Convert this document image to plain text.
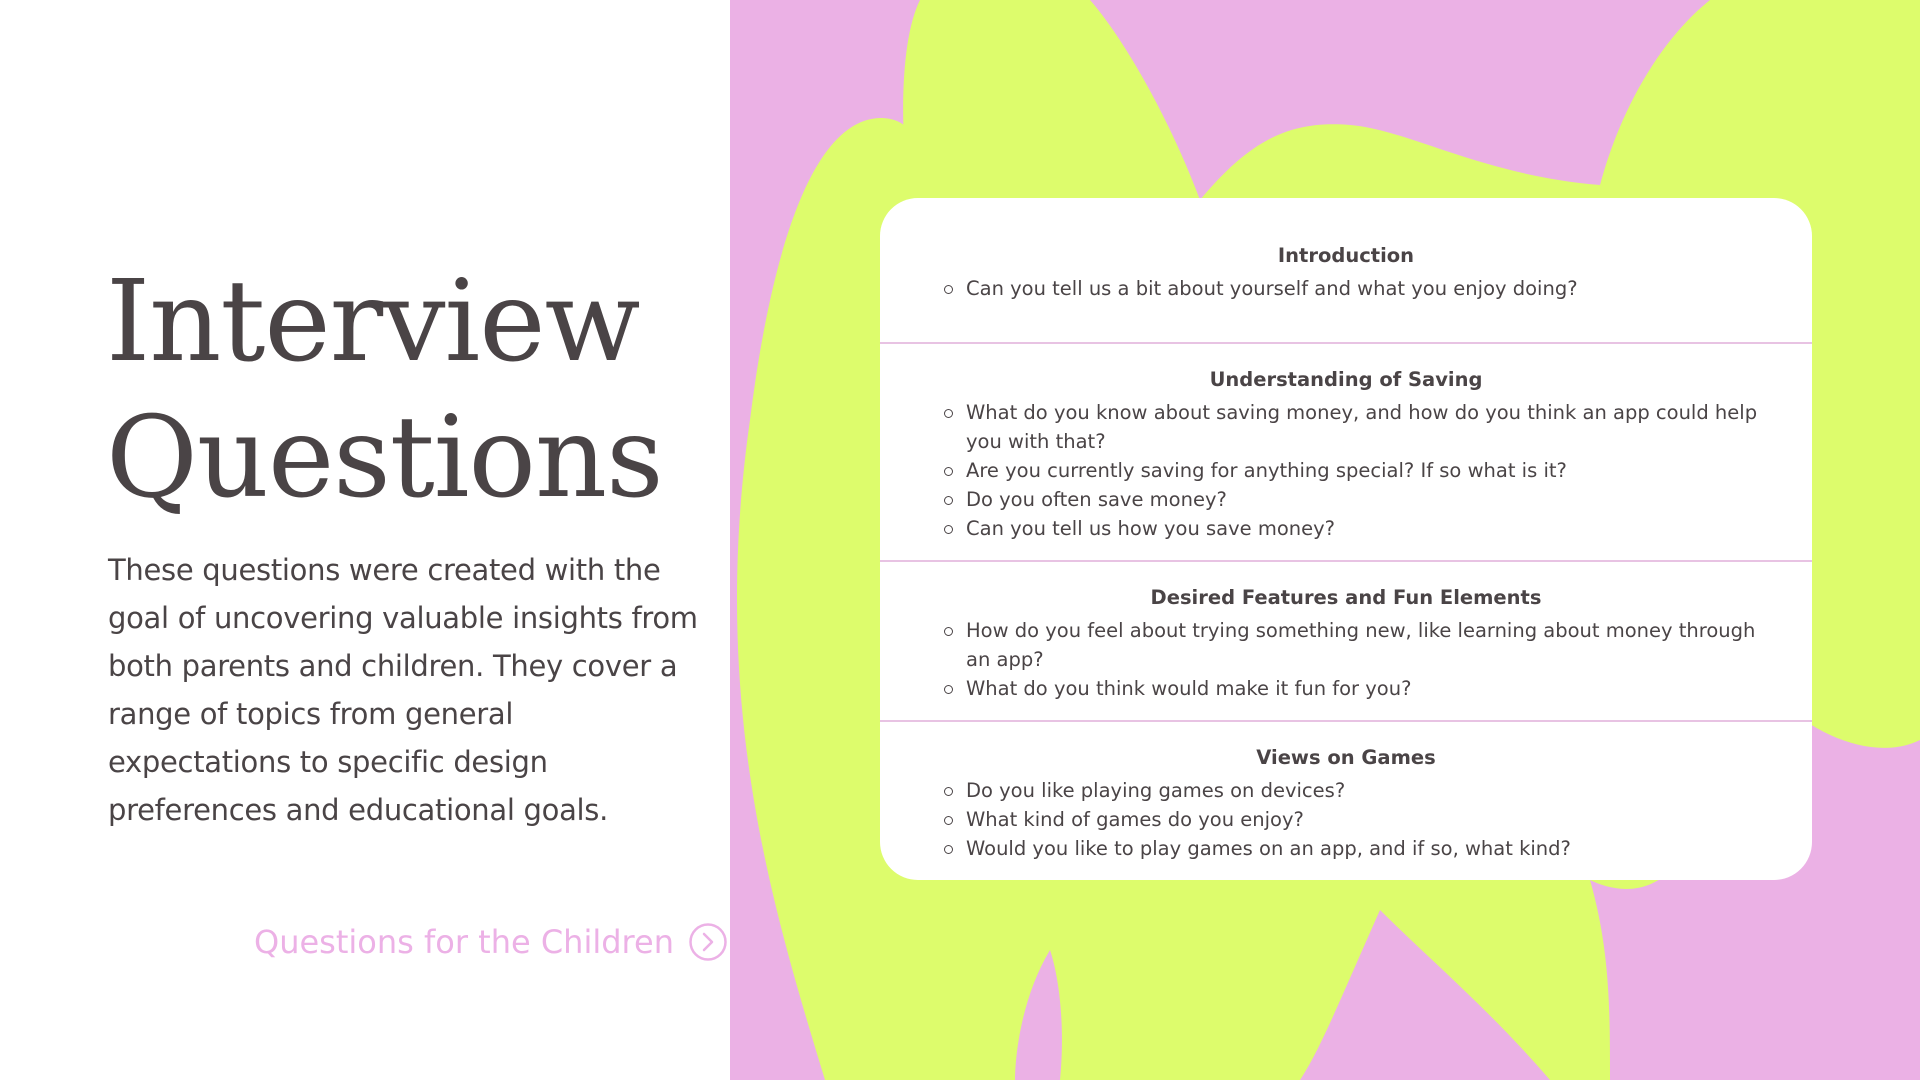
Interview
Questions

These questions were created with the goal of uncovering valuable insights from both parents and children. They cover a range of topics from general expectations to specific design preferences and educational goals.

Questions for the Children
Introduction
Can you tell us a bit about yourself and what you enjoy doing?
Understanding of Saving
What do you know about saving money, and how do you think an app could help you with that?
Are you currently saving for anything special? If so what is it?
Do you often save money?
Can you tell us how you save money?
Desired Features and Fun Elements
How do you feel about trying something new, like learning about money through an app?
What do you think would make it fun for you?
Views on Games
Do you like playing games on devices?
What kind of games do you enjoy?
Would you like to play games on an app, and if so, what kind?
